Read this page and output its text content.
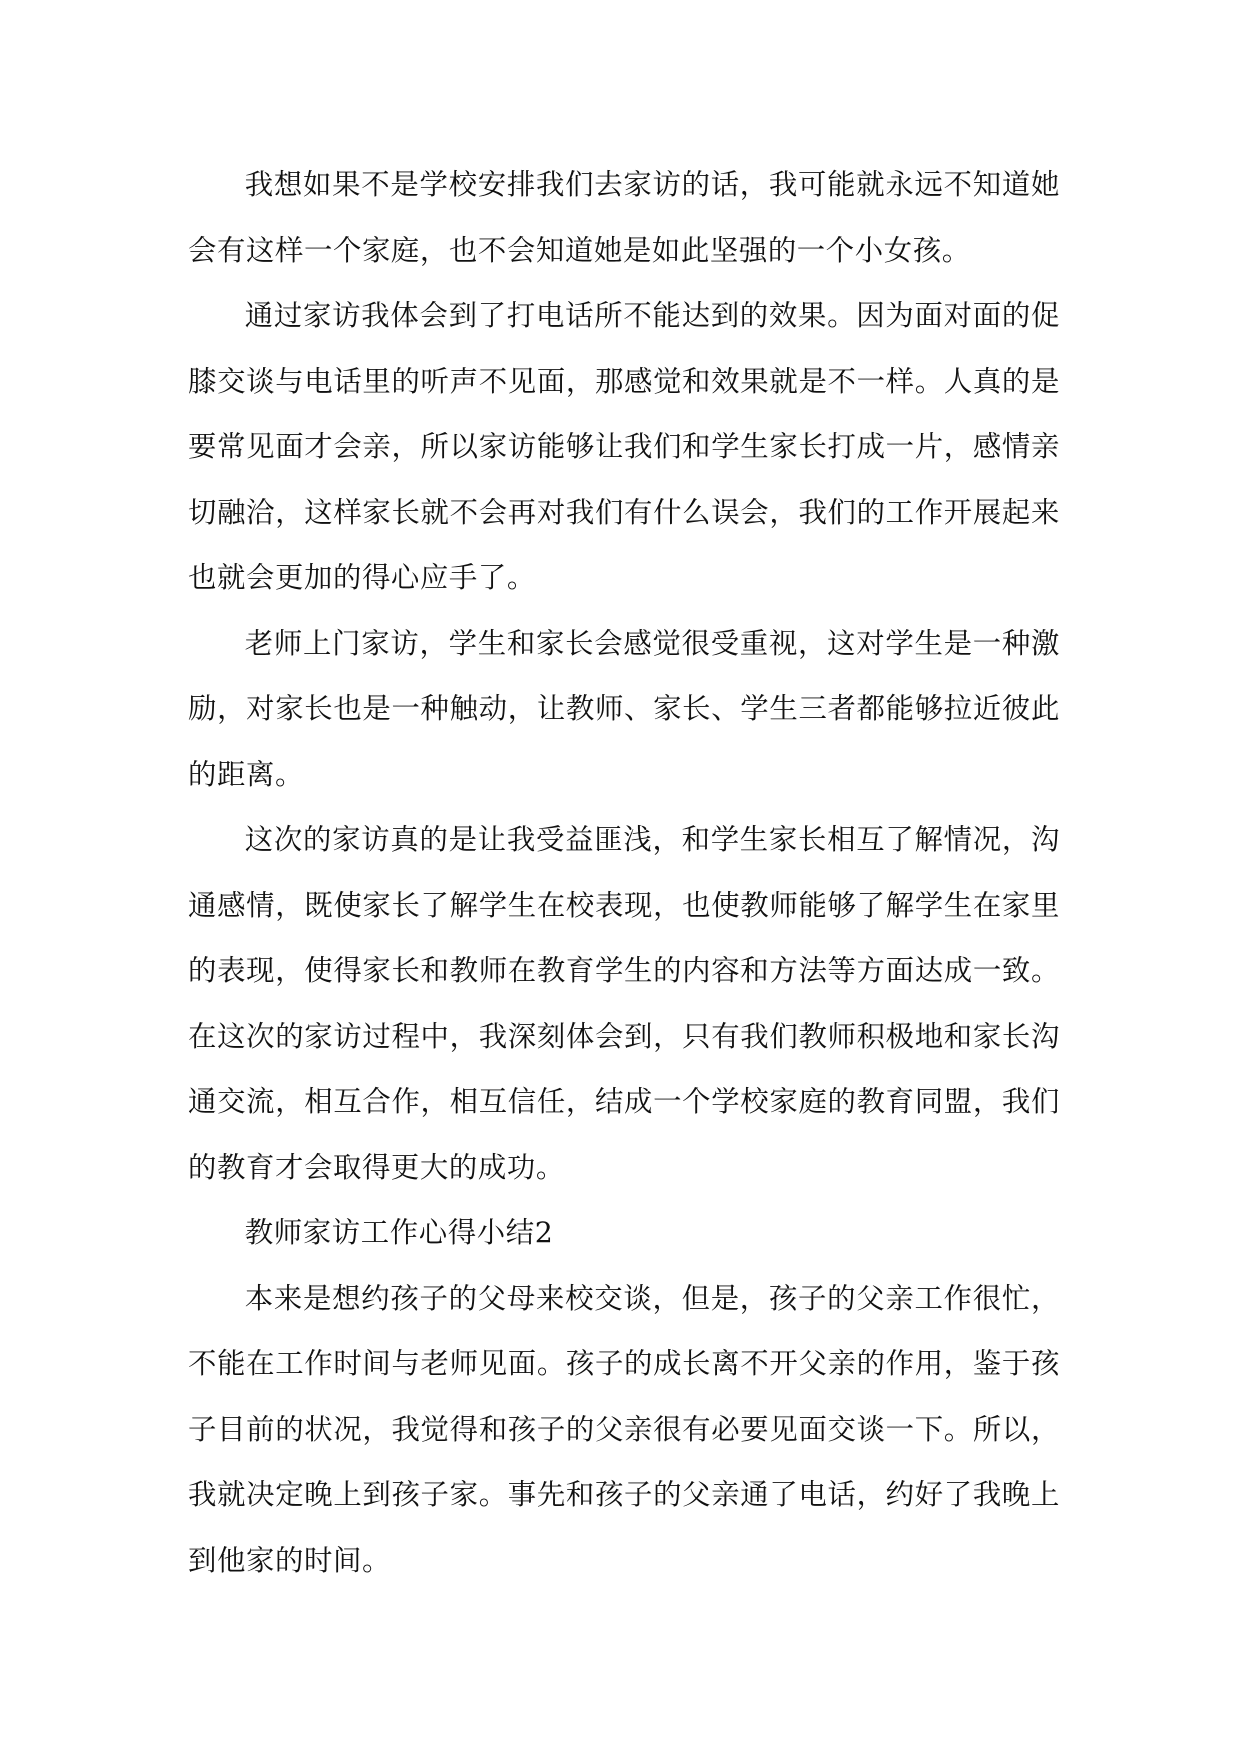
我想如果不是学校安排我们去家访的话，我可能就永远不知道她会有这样一个家庭，也不会知道她是如此坚强的一个小女孩。

通过家访我体会到了打电话所不能达到的效果。因为面对面的促膝交谈与电话里的听声不见面，那感觉和效果就是不一样。人真的是要常见面才会亲，所以家访能够让我们和学生家长打成一片，感情亲切融洽，这样家长就不会再对我们有什么误会，我们的工作开展起来也就会更加的得心应手了。

老师上门家访，学生和家长会感觉很受重视，这对学生是一种激励，对家长也是一种触动，让教师、家长、学生三者都能够拉近彼此的距离。

这次的家访真的是让我受益匪浅，和学生家长相互了解情况，沟通感情，既使家长了解学生在校表现，也使教师能够了解学生在家里的表现，使得家长和教师在教育学生的内容和方法等方面达成一致。在这次的家访过程中，我深刻体会到，只有我们教师积极地和家长沟通交流，相互合作，相互信任，结成一个学校家庭的教育同盟，我们的教育才会取得更大的成功。

教师家访工作心得小结2

本来是想约孩子的父母来校交谈，但是，孩子的父亲工作很忙，不能在工作时间与老师见面。孩子的成长离不开父亲的作用，鉴于孩子目前的状况，我觉得和孩子的父亲很有必要见面交谈一下。所以，我就决定晚上到孩子家。事先和孩子的父亲通了电话，约好了我晚上到他家的时间。
